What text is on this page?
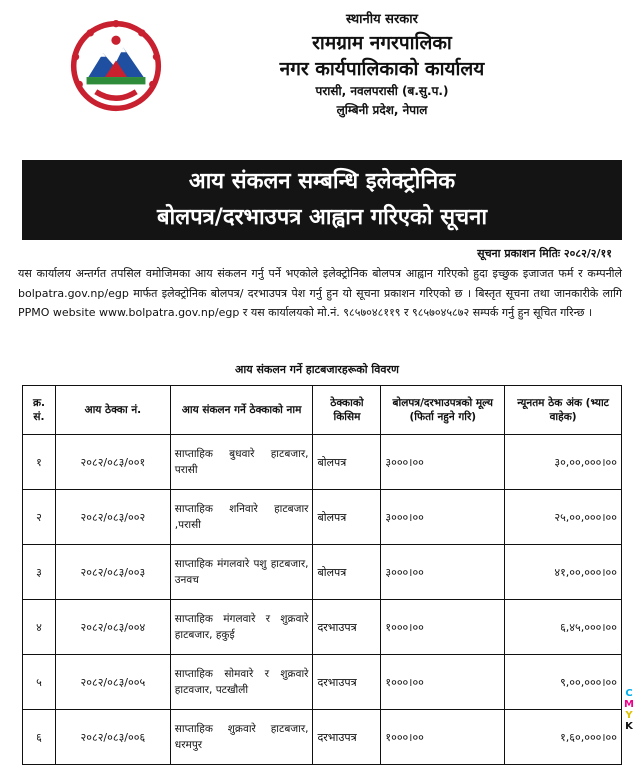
स्थानीय सरकार
रामग्राम नगरपालिका
नगर कार्यपालिकाको कार्यालय
परासी, नवलपरासी (ब.सु.प.)
लुम्बिनी प्रदेश, नेपाल
आय संकलन सम्बन्धि इलेक्ट्रोनिक
बोलपत्र/दरभाउपत्र आह्वान गरिएको सूचना
सूचना प्रकाशन मितिः २०८२/२/११
यस कार्यालय अन्तर्गत तपसिल वमोजिमका आय संकलन गर्नु पर्ने भएकोले इलेक्ट्रोनिक बोलपत्र आह्वान गरिएको हुदा इच्छुक इजाजत फर्म र कम्पनीले bolpatra.gov.np/egp मार्फत इलेक्ट्रोनिक बोलपत्र/ दरभाउपत्र पेश गर्नु हुन यो सूचना प्रकाशन गरिएको छ । बिस्तृत सूचना तथा जानकारीके लागि PPMO website www.bolpatra.gov.np/egp र यस कार्यालयको मो.नं. ९८५७०४८११९ र ९८५७०४५८७२ सम्पर्क गर्नु हुन सूचित गरिन्छ ।
आय संकलन गर्ने हाटबजारहरूको विवरण
क्र. सं.	आय ठेक्का नं.	आय संकलन गर्ने ठेक्काको नाम	ठेक्काको किसिम	बोलपत्र/दरभाउपत्रको मूल्य (फिर्ता नहुने गरि)	न्यूनतम ठेक अंक (भ्याट वाहेक)
१	२०८२/०८३/००१	साप्ताहिक बुधवारे हाटबजार, परासी	बोलपत्र	३०००।००	३०,००,०००।००
२	२०८२/०८३/००२	साप्ताहिक शनिवारे हाटबजार ,परासी	बोलपत्र	३०००।००	२५,००,०००।००
३	२०८२/०८३/००३	साप्ताहिक मंगलवारे पशु हाटबजार, उनवच	बोलपत्र	३०००।००	४१,००,०००।००
४	२०८२/०८३/००४	साप्ताहिक मंगलवारे र शुक्रवारे हाटबजार, हकुई	दरभाउपत्र	१०००।००	६,४५,०००।००
५	२०८२/०८३/००५	साप्ताहिक सोमवारे र शुक्रवारे हाटवजार, पटखौली	दरभाउपत्र	१०००।००	९,००,०००।००
६	२०८२/०८३/००६	साप्ताहिक शुक्रवारे हाटबजार, धरमपुर	दरभाउपत्र	१०००।००	१,६०,०००।००
C
M
Y
K
